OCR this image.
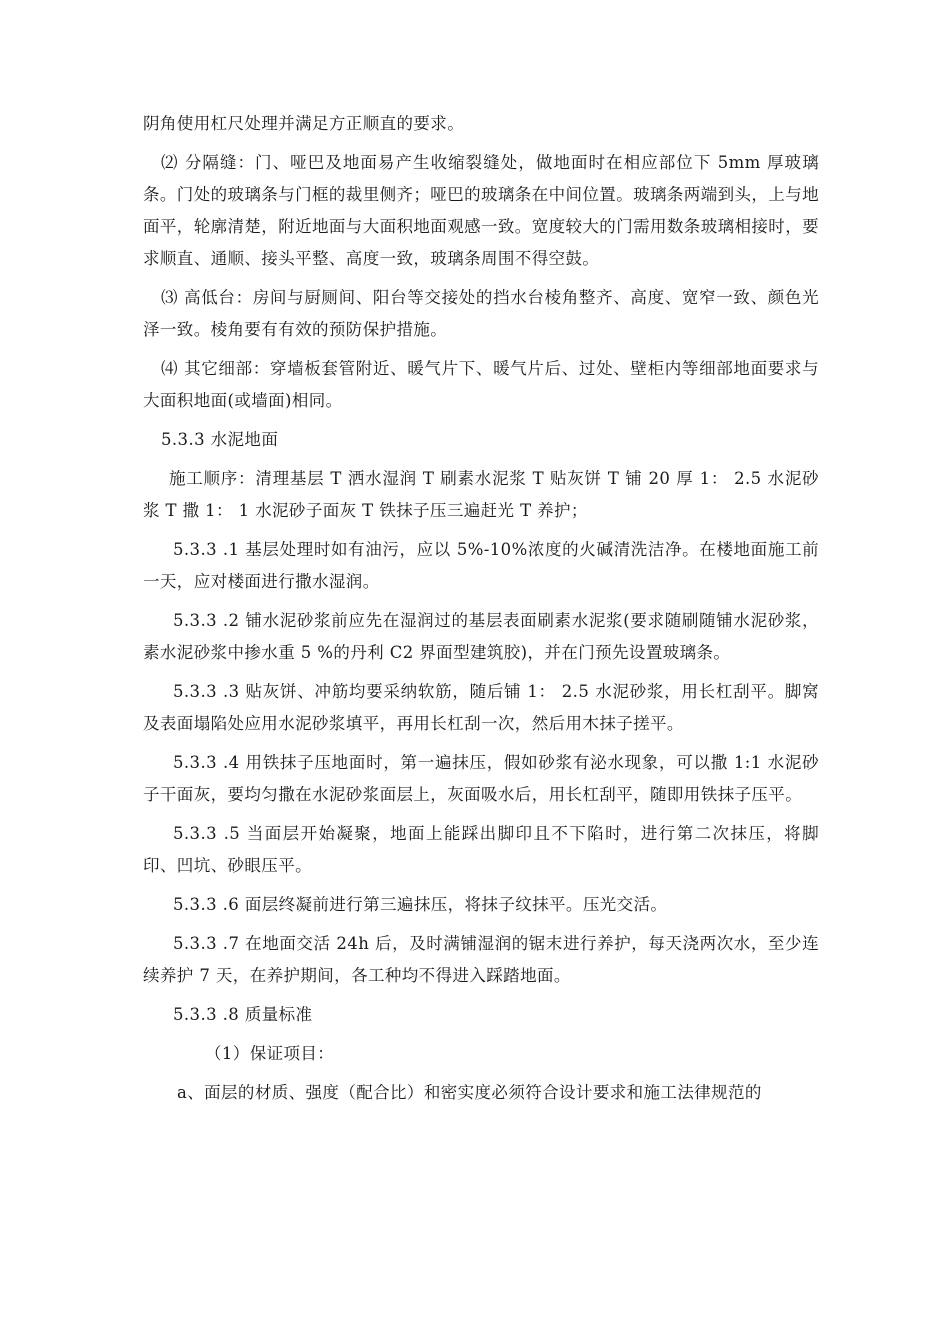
阴角使用杠尺处理并满足方正顺直的要求。

⑵ 分隔缝：门、哑巴及地面易产生收缩裂缝处，做地面时在相应部位下 5mm 厚玻璃条。门处的玻璃条与门框的裁里侧齐；哑巴的玻璃条在中间位置。玻璃条两端到头，上与地面平，轮廓清楚，附近地面与大面积地面观感一致。宽度较大的门需用数条玻璃相接时，要求顺直、通顺、接头平整、高度一致，玻璃条周围不得空鼓。

⑶ 高低台：房间与厨厕间、阳台等交接处的挡水台棱角整齐、高度、宽窄一致、颜色光泽一致。棱角要有有效的预防保护措施。

⑷ 其它细部：穿墙板套管附近、暖气片下、暖气片后、过处、壁柜内等细部地面要求与大面积地面(或墙面)相同。

5.3.3 水泥地面

施工顺序：清理基层 T 洒水湿润 T 刷素水泥浆 T 贴灰饼 T 铺 20 厚 1： 2.5 水泥砂浆 T 撒 1： 1 水泥砂子面灰 T 铁抹子压三遍赶光 T 养护；

5.3.3 .1 基层处理时如有油污，应以 5%-10%浓度的火碱清洗洁净。在楼地面施工前一天，应对楼面进行撒水湿润。

5.3.3 .2 铺水泥砂浆前应先在湿润过的基层表面刷素水泥浆(要求随刷随铺水泥砂浆，素水泥砂浆中掺水重 5 %的丹利 C2 界面型建筑胶)，并在门预先设置玻璃条。

5.3.3 .3 贴灰饼、冲筋均要采纳软筋，随后铺 1： 2.5 水泥砂浆，用长杠刮平。脚窝及表面塌陷处应用水泥砂浆填平，再用长杠刮一次，然后用木抹子搓平。

5.3.3 .4 用铁抹子压地面时，第一遍抹压，假如砂浆有泌水现象，可以撒 1:1 水泥砂子干面灰，要均匀撒在水泥砂浆面层上，灰面吸水后，用长杠刮平，随即用铁抹子压平。

5.3.3 .5 当面层开始凝聚，地面上能踩出脚印且不下陷时，进行第二次抹压，将脚印、凹坑、砂眼压平。

5.3.3 .6 面层终凝前进行第三遍抹压，将抹子纹抹平。压光交活。

5.3.3 .7 在地面交活 24h 后，及时满铺湿润的锯末进行养护，每天浇两次水，至少连续养护 7 天，在养护期间，各工种均不得进入踩踏地面。

5.3.3 .8 质量标准

（1）保证项目：

a、面层的材质、强度（配合比）和密实度必须符合设计要求和施工法律规范的
